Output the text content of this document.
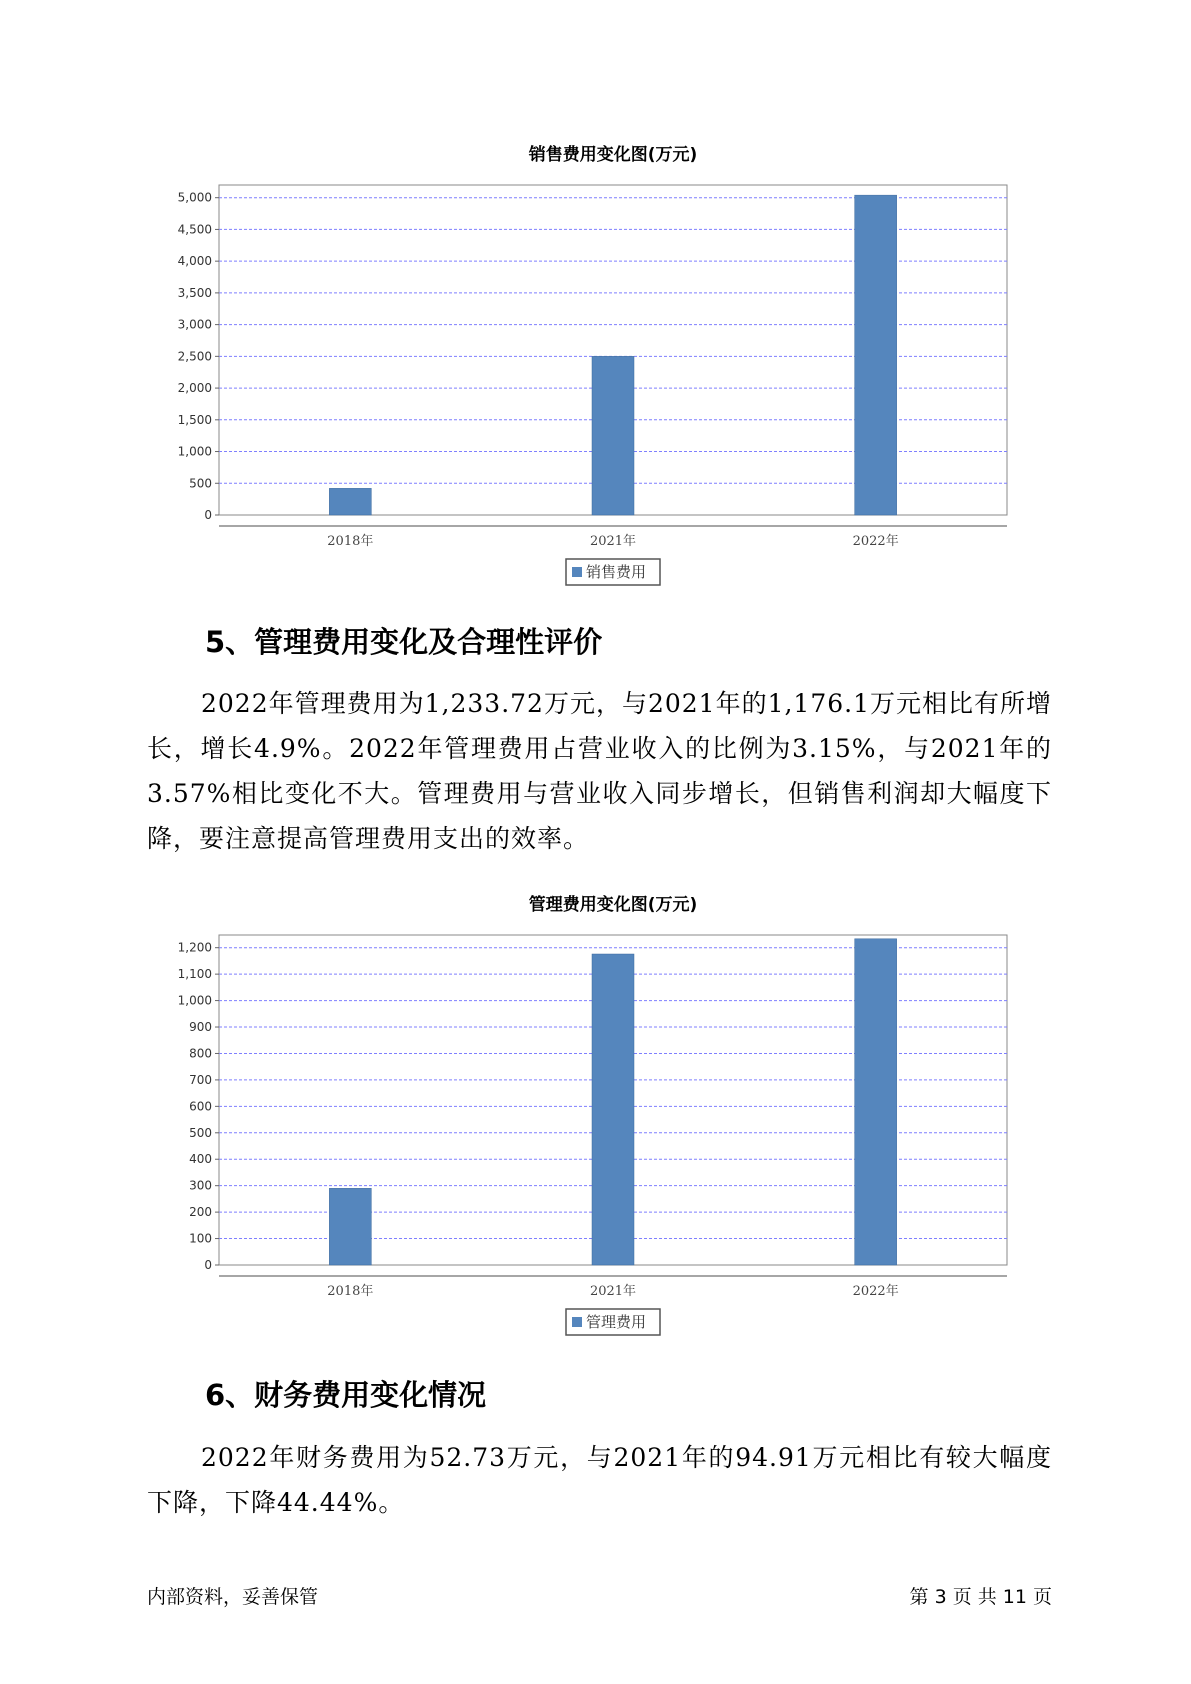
销售费用变化图(万元)
0
500
1,000
1,500
2,000
2,500
3,000
3,500
4,000
4,500
5,000
2018年	2021年	2022年
销售费用
5、管理费用变化及合理性评价

2022年管理费用为1,233.72万元，与2021年的1,176.1万元相比有所增长，增长4.9%。2022年管理费用占营业收入的比例为3.15%，与2021年的3.57%相比变化不大。管理费用与营业收入同步增长，但销售利润却大幅度下降，要注意提高管理费用支出的效率。

管理费用变化图(万元)
0
100
200
300
400
500
600
700
800
900
1,000
1,100
1,200
2018年	2021年	2022年
管理费用
6、财务费用变化情况

2022年财务费用为52.73万元，与2021年的94.91万元相比有较大幅度下降，下降44.44%。

内部资料，妥善保管	第 3 页 共 11 页
